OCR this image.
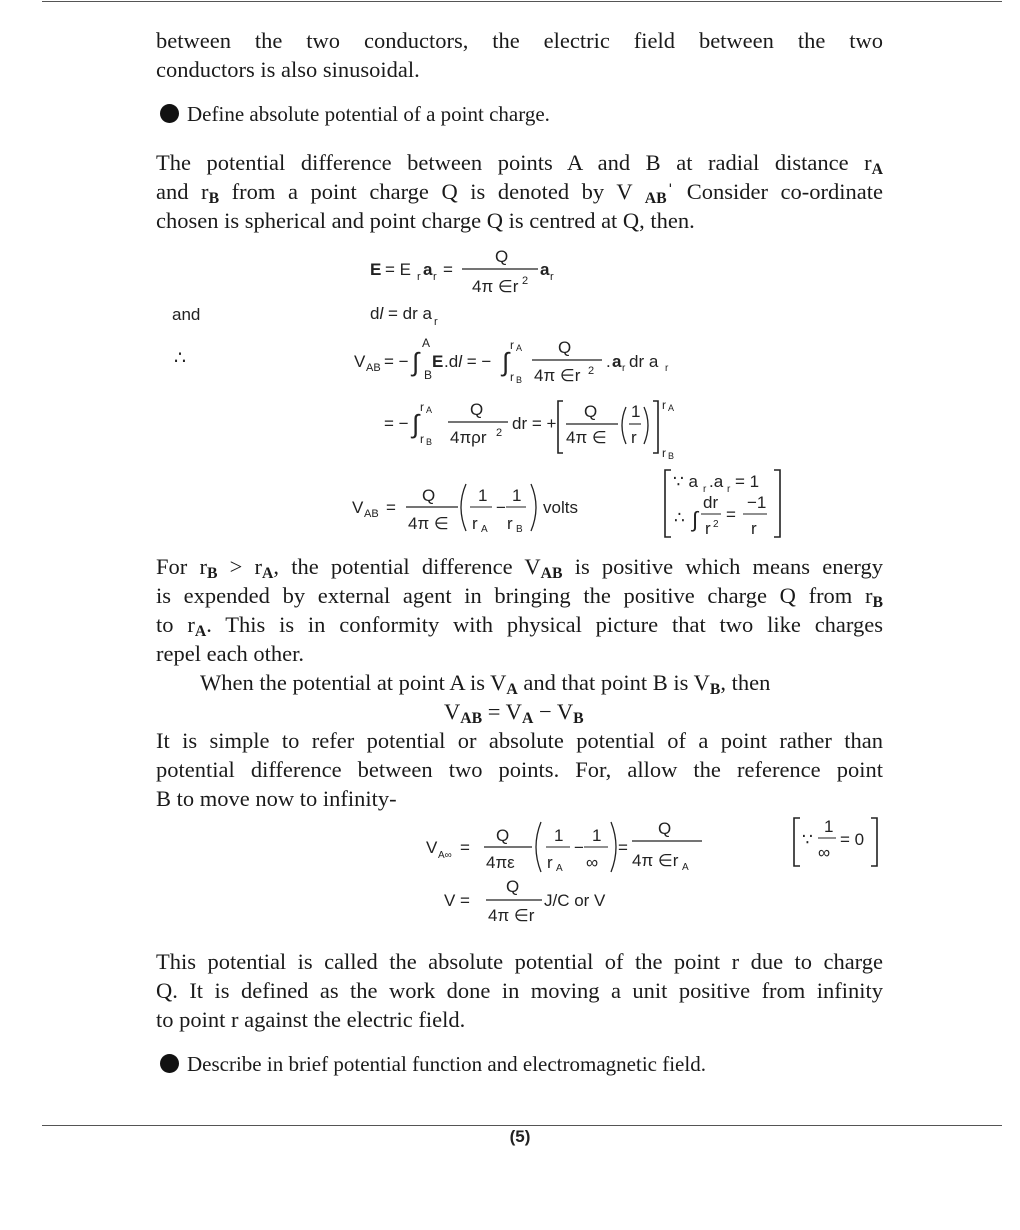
between the two conductors, the electric field between the two

conductors is also sinusoidal.

Define absolute potential of a point charge.

The potential difference between points A and B at radial distance $r_A$

and $r_B$ from a point charge Q is denoted by V $_{AB}$ˈ Consider co-ordinate

chosen is spherical and point charge Q is centred at Q, then.

and
∴
E = E r a r =
Q
4π ∈r 2
a r
dl = dr a r
V AB = − ∫
A
B
E .dl = − ∫
r A
r B
Q
4π ∈r 2 . a r dr a r
= − ∫
r A
r B
Q
4πρr 2 dr = +
Q
4π ∈
1
r
r A
r B
V AB =
Q
4π ∈
1
r A
−
1
r B
volts
∵ a r .a r = 1
∴ ∫
dr
r 2
=
−1
r

For $r_B > r_A$, the potential difference $V_{AB}$ is positive which means energy

is expended by external agent in bringing the positive charge Q from $r_B$

to $r_A$. This is in conformity with physical picture that two like charges

repel each other.

When the potential at point A is $V_A$ and that point B is $V_B$, then

$V_{AB} = V_A - V_B$

It is simple to refer potential or absolute potential of a point rather than

potential difference between two points. For, allow the reference point

B to move now to infinity-

V A∞ =
Q
4πε
1
r A
−
1
∞
=
Q
4π ∈r A
∵
1
∞
= 0
V =
Q
4π ∈r
J/C or V

This potential is called the absolute potential of the point r due to charge

Q. It is defined as the work done in moving a unit positive from infinity

to point r against the electric field.

Describe in brief potential function and electromagnetic field.
(5)
